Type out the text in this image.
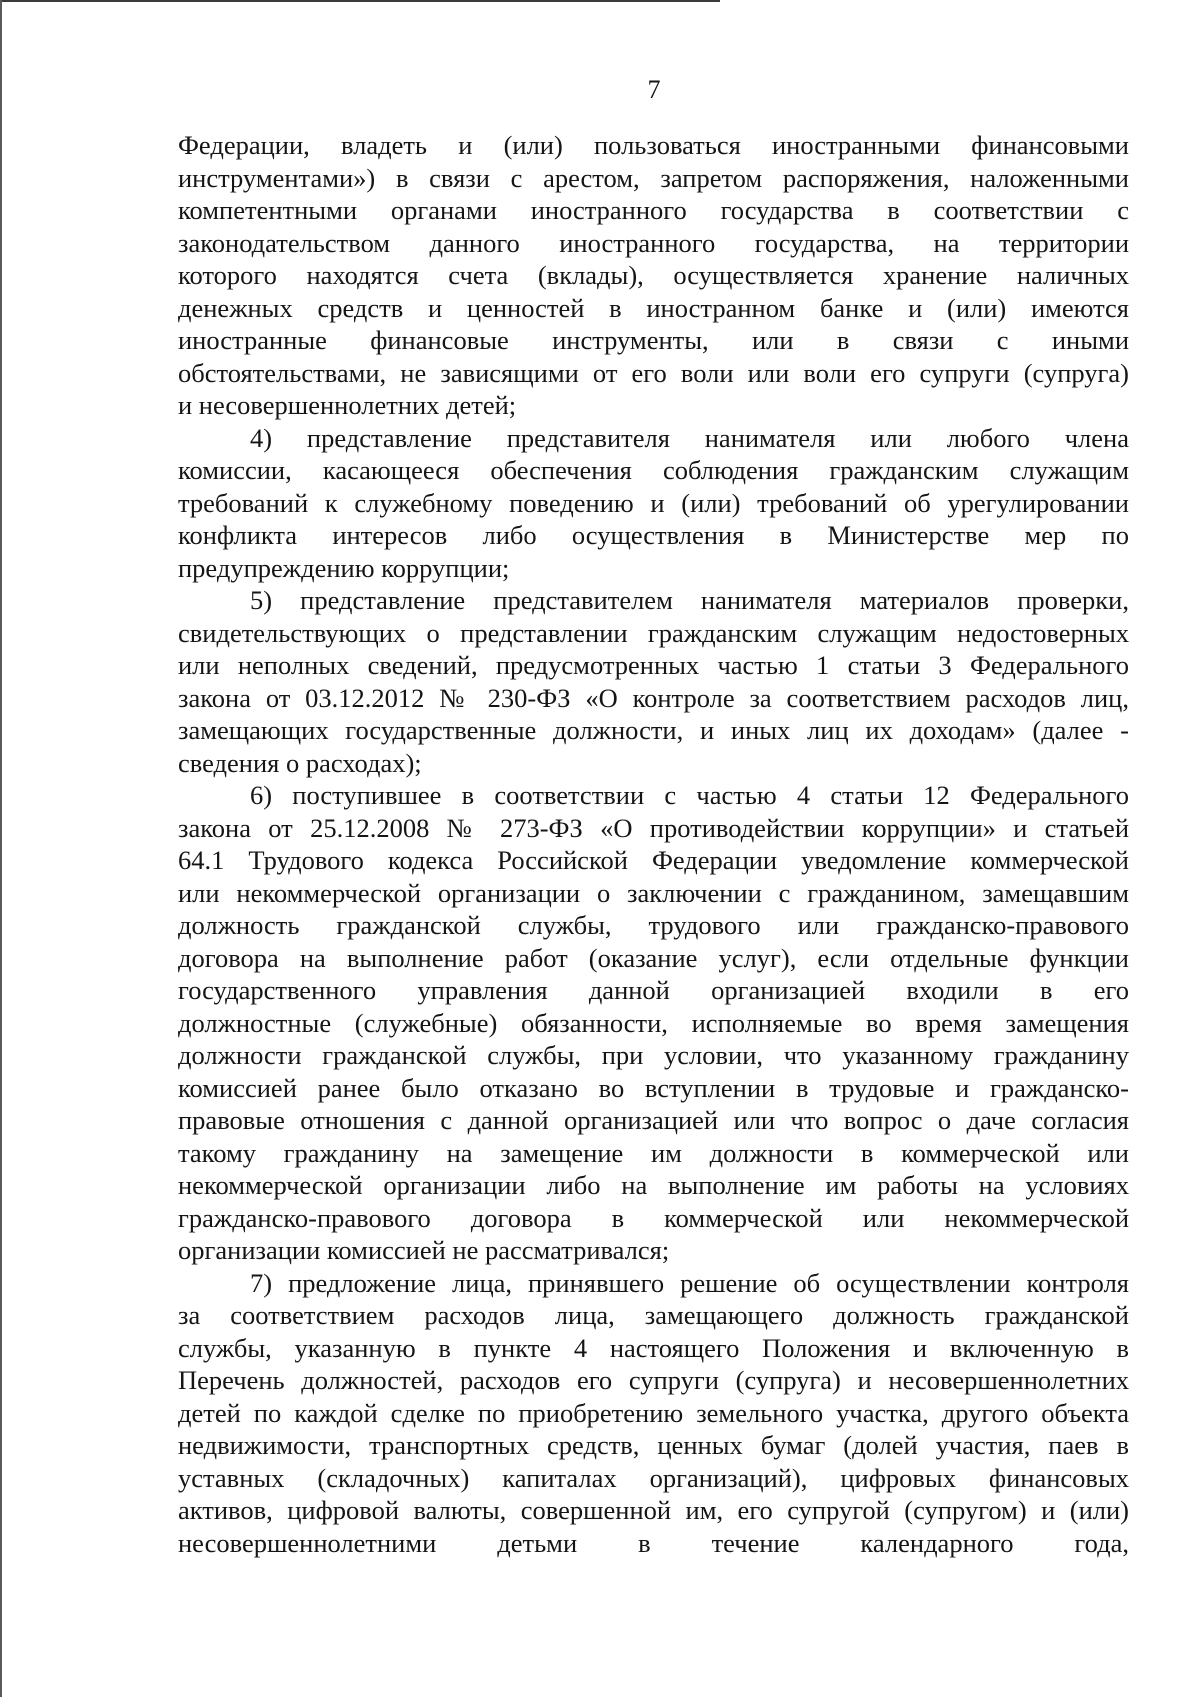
7
Федерации, владеть и (или) пользоваться иностранными финансовыми
инструментами») в связи с арестом, запретом распоряжения, наложенными
компетентными органами иностранного государства в соответствии с
законодательством данного иностранного государства, на территории
которого находятся счета (вклады), осуществляется хранение наличных
денежных средств и ценностей в иностранном банке и (или) имеются
иностранные финансовые инструменты, или в связи с иными
обстоятельствами, не зависящими от его воли или воли его супруги (супруга)
и несовершеннолетних детей;
4) представление представителя нанимателя или любого члена
комиссии, касающееся обеспечения соблюдения гражданским служащим
требований к служебному поведению и (или) требований об урегулировании
конфликта интересов либо осуществления в Министерстве мер по
предупреждению коррупции;
5) представление представителем нанимателя материалов проверки,
свидетельствующих о представлении гражданским служащим недостоверных
или неполных сведений, предусмотренных частью 1 статьи 3 Федерального
закона от 03.12.2012 № 230-ФЗ «О контроле за соответствием расходов лиц,
замещающих государственные должности, и иных лиц их доходам» (далее -
сведения о расходах);
6) поступившее в соответствии с частью 4 статьи 12 Федерального
закона от 25.12.2008 № 273-ФЗ «О противодействии коррупции» и статьей
64.1 Трудового кодекса Российской Федерации уведомление коммерческой
или некоммерческой организации о заключении с гражданином, замещавшим
должность гражданской службы, трудового или гражданско-правового
договора на выполнение работ (оказание услуг), если отдельные функции
государственного управления данной организацией входили в его
должностные (служебные) обязанности, исполняемые во время замещения
должности гражданской службы, при условии, что указанному гражданину
комиссией ранее было отказано во вступлении в трудовые и гражданско-
правовые отношения с данной организацией или что вопрос о даче согласия
такому гражданину на замещение им должности в коммерческой или
некоммерческой организации либо на выполнение им работы на условиях
гражданско-правового договора в коммерческой или некоммерческой
организации комиссией не рассматривался;
7) предложение лица, принявшего решение об осуществлении контроля
за соответствием расходов лица, замещающего должность гражданской
службы, указанную в пункте 4 настоящего Положения и включенную в
Перечень должностей, расходов его супруги (супруга) и несовершеннолетних
детей по каждой сделке по приобретению земельного участка, другого объекта
недвижимости, транспортных средств, ценных бумаг (долей участия, паев в
уставных (складочных) капиталах организаций), цифровых финансовых
активов, цифровой валюты, совершенной им, его супругой (супругом) и (или)
несовершеннолетними детьми в течение календарного года,
